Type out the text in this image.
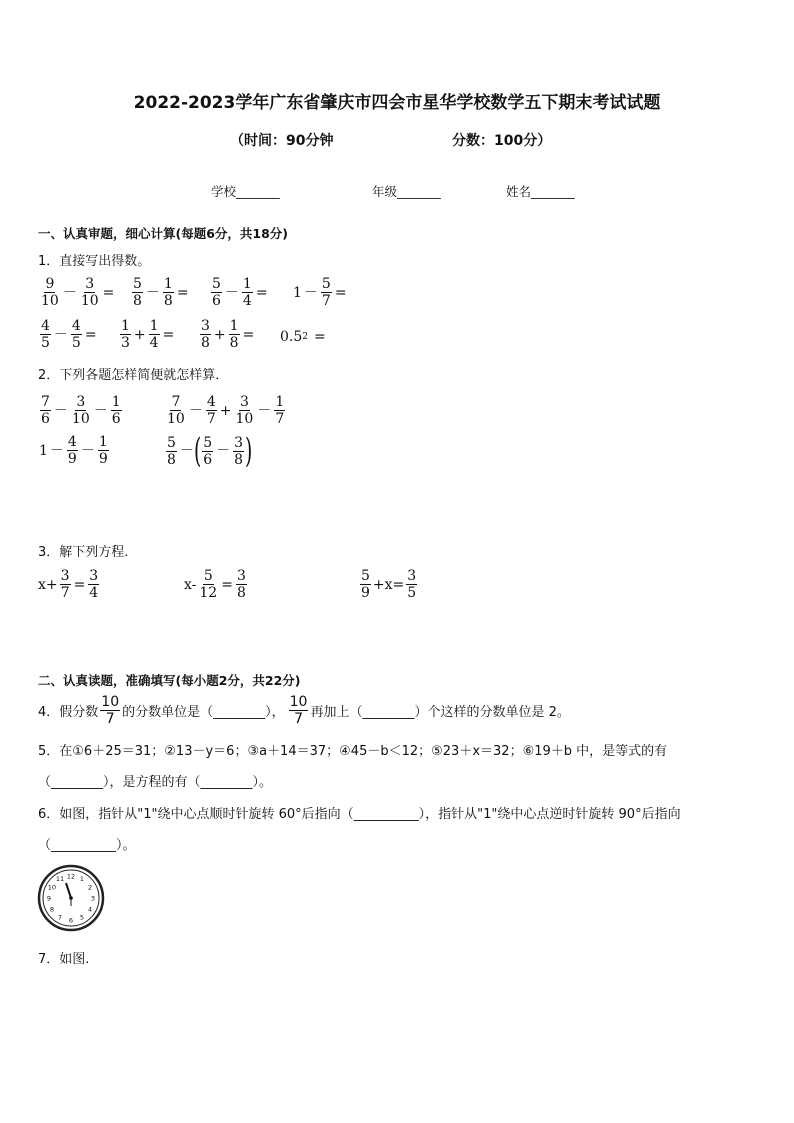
2022-2023学年广东省肇庆市四会市星华学校数学五下期末考试试题
（时间：90分钟	分数：100分）
学校_______	年级_______	姓名_______
一、认真审题，细心计算(每题6分，共18分)
1．直接写出得数。
$\frac{9}{10} - \frac{3}{10} = \frac{5}{8} - \frac{1}{8} = \frac{5}{6} - \frac{1}{4} = 1 - \frac{5}{7}$ =
$\frac{4}{5} - \frac{4}{5} = \frac{1}{3} + \frac{1}{4} = \frac{3}{8} + \frac{1}{8} = 0.5$ 2 =
2．下列各题怎样简便就怎样算．
$\frac{7}{6} - \frac{3}{10} - \frac{1}{6}$	$\frac{7}{10} - \frac{4}{7} + \frac{3}{10} - \frac{1}{7}$
$1 - \frac{4}{9} - \frac{1}{9}$	$\frac{5}{8}$ － ( $\frac{5}{6} - \frac{3}{8}$ )
3．解下列方程．
$x+ \frac{3}{7} = \frac{3}{4}$	$x- \frac{5}{12} = \frac{3}{8}$	$\frac{5}{9} +x= \frac{3}{5}$
二、认真读题，准确填写(每小题2分，共22分)
4．假分数 $\frac{10}{7}$ 的分数单位是（________）， $\frac{10}{7}$ 再加上（________）个这样的分数单位是 2。
5．在①6＋25＝31；②13－y＝6；③a＋14＝37；④45－b＜12；⑤23＋x＝32；⑥19＋b 中，是等式的有
（________），是方程的有（________）。
6．如图，指针从"1"绕中心点顺时针旋转 60°后指向（__________），指针从"1"绕中心点逆时针旋转 90°后指向
（__________）。
12 1
2
3
4
5
6
7
8
9
10
11
7．如图.
